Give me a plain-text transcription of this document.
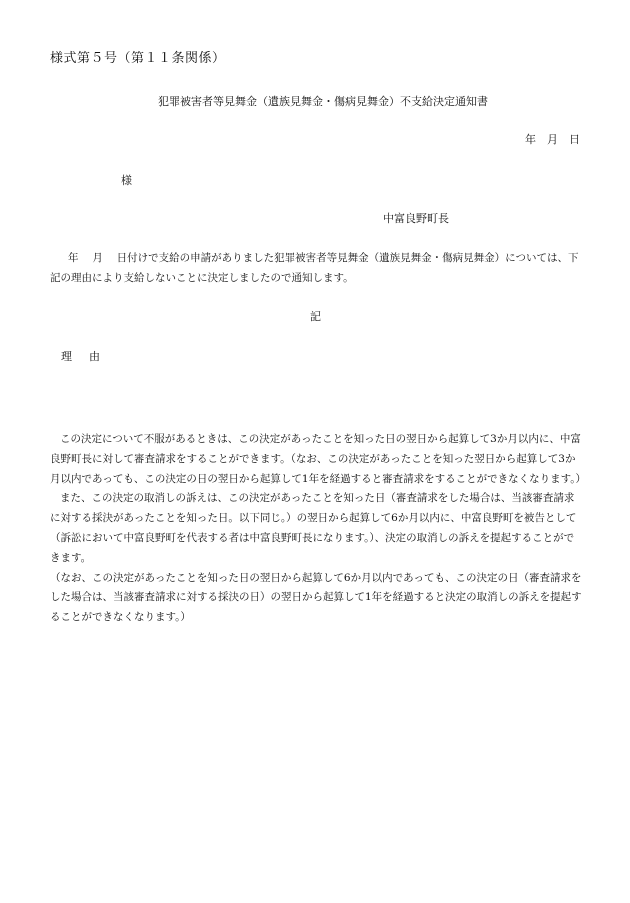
様式第５号（第１１条関係）

犯罪被害者等見舞金（遺族見舞金・傷病見舞金）不支給決定通知書

年　月　日

様

中富良野町長

年　 月　 日付けで支給の申請がありました犯罪被害者等見舞金（遺族見舞金・傷病見舞金）については、下記の理由により支給しないことに決定しましたので通知します。

記

理　由

この決定について不服があるときは、この決定があったことを知った日の翌日から起算して3か月以内に、中富良野町長に対して審査請求をすることができます。（なお、この決定があったことを知った翌日から起算して3か月以内であっても、この決定の日の翌日から起算して1年を経過すると審査請求をすることができなくなります。）

また、この決定の取消しの訴えは、この決定があったことを知った日（審査請求をした場合は、当該審査請求に対する採決があったことを知った日。以下同じ。）の翌日から起算して6か月以内に、中富良野町を被告として（訴訟において中富良野町を代表する者は中富良野町長になります。）、決定の取消しの訴えを提起することができます。

（なお、この決定があったことを知った日の翌日から起算して6か月以内であっても、この決定の日（審査請求をした場合は、当該審査請求に対する採決の日）の翌日から起算して1年を経過すると決定の取消しの訴えを提起することができなくなります。）
